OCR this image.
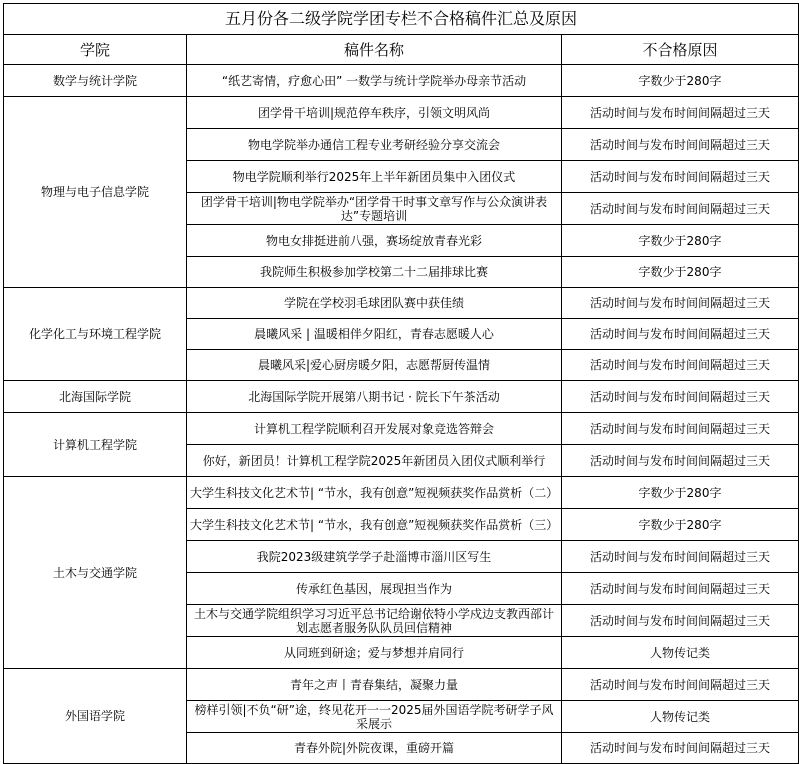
五月份各二级学院学团专栏不合格稿件汇总及原因		
学院	稿件名称	不合格原因
数学与统计学院	“纸艺寄情，疗愈心田” 一数学与统计学院举办母亲节活动	字数少于280字
物理与电子信息学院	团学骨干培训|规范停车秩序，引领文明风尚	活动时间与发布时间间隔超过三天
	物电学院举办通信工程专业考研经验分享交流会	活动时间与发布时间间隔超过三天
	物电学院顺利举行2025年上半年新团员集中入团仪式	活动时间与发布时间间隔超过三天
	团学骨干培训|物电学院举办“团学骨干时事文章写作与公众演讲表达”专题培训	活动时间与发布时间间隔超过三天
	物电女排挺进前八强，赛场绽放青春光彩	字数少于280字
	我院师生积极参加学校第二十二届排球比赛	字数少于280字
化学化工与环境工程学院	学院在学校羽毛球团队赛中获佳绩	活动时间与发布时间间隔超过三天
	晨曦风采 | 温暖相伴夕阳红，青春志愿暖人心	活动时间与发布时间间隔超过三天
	晨曦风采|爱心厨房暖夕阳，志愿帮厨传温情	活动时间与发布时间间隔超过三天
北海国际学院	北海国际学院开展第八期书记 · 院长下午茶活动	活动时间与发布时间间隔超过三天
计算机工程学院	计算机工程学院顺利召开发展对象竞选答辩会	活动时间与发布时间间隔超过三天
	你好，新团员！计算机工程学院2025年新团员入团仪式顺利举行	活动时间与发布时间间隔超过三天
土木与交通学院	大学生科技文化艺术节| “节水，我有创意”短视频获奖作品赏析（二）	字数少于280字
	大学生科技文化艺术节| “节水，我有创意”短视频获奖作品赏析（三）	字数少于280字
	我院2023级建筑学学子赴淄博市淄川区写生	活动时间与发布时间间隔超过三天
	传承红色基因，展现担当作为	活动时间与发布时间间隔超过三天
	土木与交通学院组织学习习近平总书记给谢依特小学戍边支教西部计划志愿者服务队队员回信精神	活动时间与发布时间间隔超过三天
	从同班到研途；爱与梦想并肩同行	人物传记类
外国语学院	青年之声丨青春集结，凝聚力量	活动时间与发布时间间隔超过三天
	榜样引领|不负“研”途，终见花开一一2025届外国语学院考研学子风采展示	人物传记类
	青春外院|外院夜课，重磅开篇	活动时间与发布时间间隔超过三天
